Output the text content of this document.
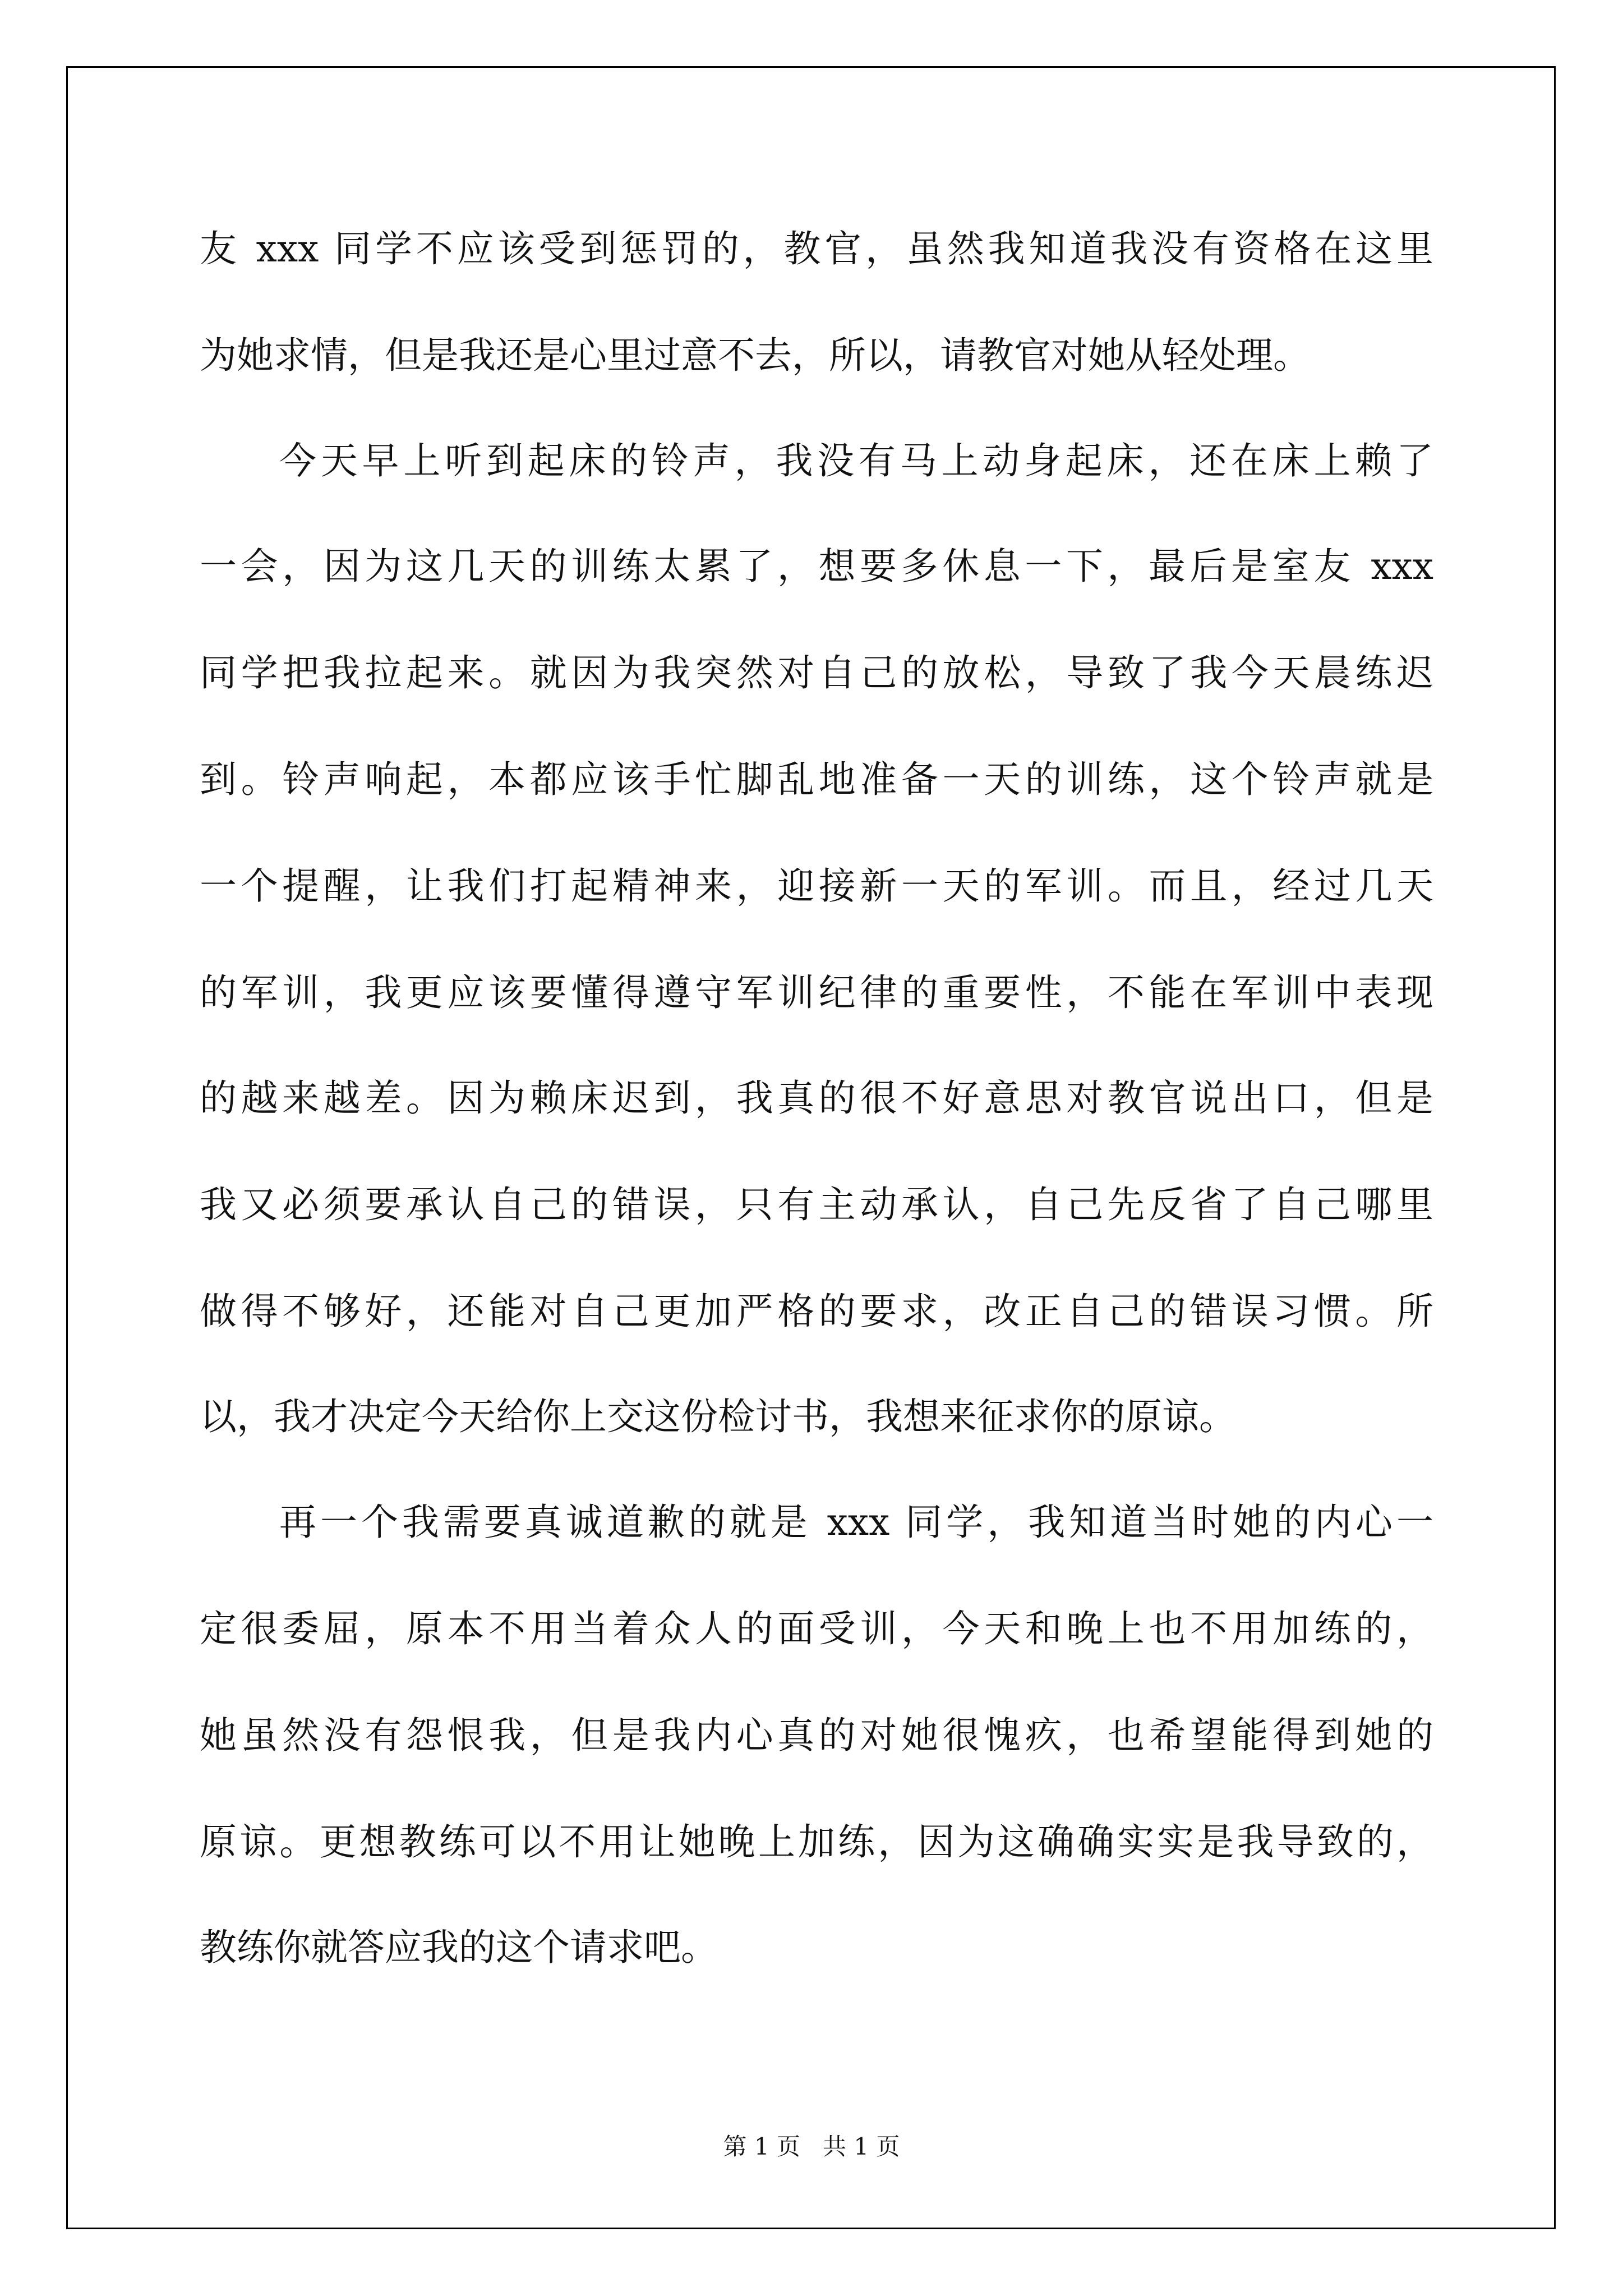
友 xxx 同学不应该受到惩罚的，教官，虽然我知道我没有资格在这里

为她求情，但是我还是心里过意不去，所以，请教官对她从轻处理。

今天早上听到起床的铃声，我没有马上动身起床，还在床上赖了

一会，因为这几天的训练太累了，想要多休息一下，最后是室友 xxx

同学把我拉起来。就因为我突然对自己的放松，导致了我今天晨练迟

到。铃声响起，本都应该手忙脚乱地准备一天的训练，这个铃声就是

一个提醒，让我们打起精神来，迎接新一天的军训。而且，经过几天

的军训，我更应该要懂得遵守军训纪律的重要性，不能在军训中表现

的越来越差。因为赖床迟到，我真的很不好意思对教官说出口，但是

我又必须要承认自己的错误，只有主动承认，自己先反省了自己哪里

做得不够好，还能对自己更加严格的要求，改正自己的错误习惯。所

以，我才决定今天给你上交这份检讨书，我想来征求你的原谅。

再一个我需要真诚道歉的就是 xxx 同学，我知道当时她的内心一

定很委屈，原本不用当着众人的面受训，今天和晚上也不用加练的，

她虽然没有怨恨我，但是我内心真的对她很愧疚，也希望能得到她的

原谅。更想教练可以不用让她晚上加练，因为这确确实实是我导致的，

教练你就答应我的这个请求吧。

第 1 页   共 1 页
